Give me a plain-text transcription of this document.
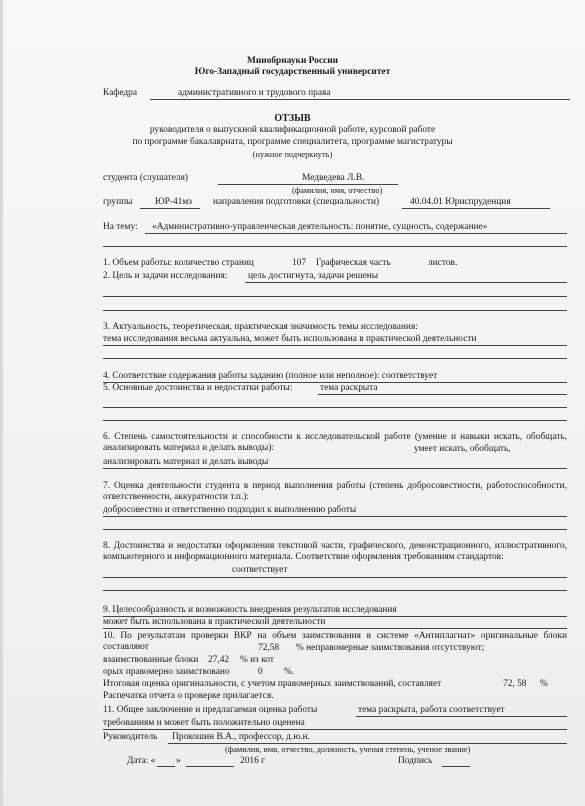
Минобрнауки России
Юго-Западный государственный университет
Кафедра	административного и трудового права
ОТЗЫВ
руководителя о выпускной квалификационной работе, курсовой работе
по программе бакалавриата, программе специалитета, программе магистратуры
(нужное подчеркнуть)
студента (слушателя)	Медведева Л.В.
(фамилия, имя, отчество)
группы ЮР-41мз направления подготовки (специальности)	40.04.01 Юриспруденция
На тему: «Административно-управленческая деятельность: понятие, сущность, содержание»
1. Объем работы: количество страниц	107 Графическая часть	листов.
2. Цель и задачи исследования: цель достигнута, задачи решены
3. Актуальность, теоретическая, практическая значимость темы исследования:
тема исследования весьма актуальна, может быть использована в практической деятельности
4. Соответствие содержания работы заданию (полное или неполное): соответствует
5. Основные достоинства и недостатки работы:	тема раскрыта
6. Степень самостоятельности и способности к исследовательской работе (умение и навыки искать, обобщать, анализировать материал и делать выводы):	умеет искать, обобщать,
анализировать материал и делать выводы
7. Оценка деятельности студента в период выполнения работы (степень добросовестности, работоспособности, ответственности, аккуратности т.п.):
добросовестно и ответственно подходил к выполнению работы
8. Достоинства и недостатки оформления текстовой части, графического, демонстрационного, иллюстративного, компьютерного и информационного материала. Соответствие оформления требованиям стандартов:
соответствует
9. Целесообразность и возможность внедрения результатов исследования
может быть использована в практической деятельности
10. По результатам проверки ВКР на объем заимствования в системе «Антиплагиат» оригинальные блоки составляют	72,58 % неправомерные заимствования отсутствуют;
взаимствованные блоки 27,42 % из кот
орых правомерно заимствовано	0 %.
Итоговая оценка оригинальности, с учетом правомерных заимствований, составляет	72, 58 %
Распечатка отчета о проверке прилагается.
11. Общее заключение и предлагаемая оценка работы	тема раскрыта, работа соответствует
требованиям и может быть положительно оценена
Руководитель Прокошин В.А., профессор, д.ю.н.
(фамилия, имя, отчество, должность, ученая степень, ученое звание)
Дата: « »	2016 г	Подпись
